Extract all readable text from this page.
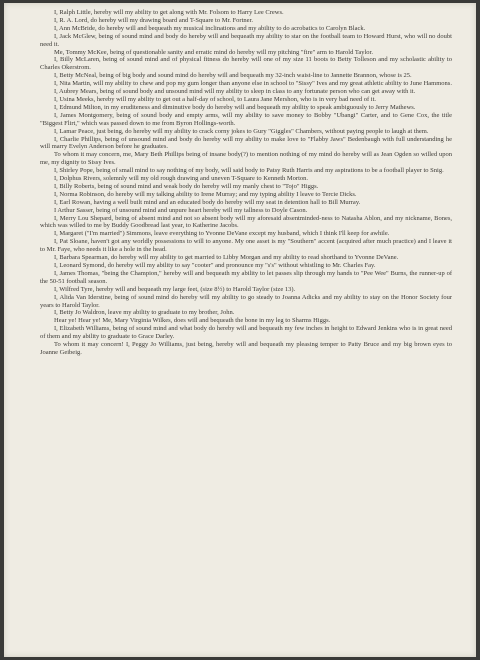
I, Ralph Little, hereby will my ability to get along with Mr. Folsom to Harry Lee Crews.

I, R. A. Lord, do hereby will my drawing board and T-Square to Mr. Fortner.

I, Ann McBride, do hereby will and bequeath my musical inclinations and my ability to do acrobatics to Carolyn Black.

I, Jack McGlew, being of sound mind and body do hereby will and bequeath my ability to star on the football team to Howard Hurst, who will no doubt need it.

Me, Tommy McKee, being of questionable sanity and erratic mind do hereby will my pitching "fire" arm to Harold Taylor.

I, Billy McLaren, being of sound mind and of physical fitness do hereby will one of my size 11 boots to Betty Tolleson and my scholastic ability to Charles Okerstrom.

I, Betty McNeal, being of big body and sound mind do hereby will and bequeath my 32-inch waist-line to Jannette Brannon, whose is 25.

I, Nita Martin, will my ability to chew and pop my gum longer than anyone else in school to "Sissy" Ives and my great athletic ability to June Hammons.

I, Aubrey Mears, being of sound body and unsound mind will my ability to sleep in class to any fortunate person who can get away with it.

I, Usina Meeks, hereby will my ability to get out a half-day of school, to Laura Jane Mershon, who is in very bad need of it.

I, Edmund Milton, in my eruditeness and diminutive body do hereby will and bequeath my ability to speak ambiguously to Jerry Mathews.

I, James Montgomery, being of sound body and empty arms, will my ability to save money to Bobby "Ubangi" Carter, and to Gene Cox, the title "Biggest Flirt," which was passed down to me from Byron Hollings-worth.

I, Lamar Peace, just being, do hereby will my ability to crack corny jokes to Gury "Giggles" Chambers, without paying people to laugh at them.

I, Charlie Phillips, being of unsound mind and body do hereby will my ability to make love to "Flabby Jaws" Bedenbaugh with full understanding he will marry Evelyn Anderson before he graduates.

To whom it may concern, me, Mary Beth Phillips being of insane body(?) to mention nothing of my mind do hereby will as Jean Ogden so willed upon me, my dignity to Sissy Ives.

I, Shirley Pope, being of small mind to say nothing of my body, will said body to Patsy Ruth Harris and my aspirations to be a football player to Snig.

I, Dolphus Rivers, solemnly will my old rough drawing and uneven T-Square to Kenneth Morton.

I, Billy Roberts, being of sound mind and weak body do hereby will my manly chest to "Tojo" Higgs.

I, Norma Robinson, do hereby will my talking ability to Irene Murray; and my typing ability I leave to Tercie Dicks.

I, Earl Rowan, having a well built mind and an educated body do hereby will my seat in detention hall to Bill Murray.

I Arthur Sasser, being of unsound mind and unpure heart hereby will my tallness to Doyle Cason.

I, Merry Lou Shepard, being of absent mind and not so absent body will my aforesaid absentminded-ness to Natasha Ablon, and my nickname, Bones, which was willed to me by Buddy Goodbread last year, to Katherine Jacobs.

I, Margaret ("I'm married") Simmons, leave everything to Yvonne DeVane except my husband, which I think I'll keep for awhile.

I, Pat Sloane, haven't got any worldly possessions to will to anyone. My one asset is my "Southern" accent (acquired after much practice) and I leave it to Mr. Faye, who needs it like a hole in the head.

I, Barbara Spearman, do hereby will my ability to get married to Libby Morgan and my ability to read shorthand to Yvonne DeVane.

I, Leonard Symond, do hereby will my ability to say "cooter" and pronounce my "s's" without whistling to Mr. Charles Fay.

I, James Thomas, "being the Champion," hereby will and bequeath my ability to let passes slip through my hands to "Pee Wee" Burns, the runner-up of the 50-51 football season.

I, Wilfred Tyre, hereby will and bequeath my large feet, (size 8½) to Harold Taylor (size 13).

I, Alida Van Iderstine, being of sound mind do hereby will my ability to go steady to Joanna Adicks and my ability to stay on the Honor Society four years to Harold Taylor.

I, Betty Jo Waldron, leave my ability to graduate to my brother, John.

Hear ye! Hear ye! Me, Mary Virginia Wilkes, does will and bequeath the bone in my leg to Sharms Higgs.

I, Elizabeth Williams, being of sound mind and what body do hereby will and bequeath my few inches in height to Edward Jenkins who is in great need of them and my ability to graduate to Grace Darley.

To whom it may concern! I, Peggy Jo Williams, just being, hereby will and bequeath my pleasing temper to Patty Bruce and my big brown eyes to Joanne Geibeig.
